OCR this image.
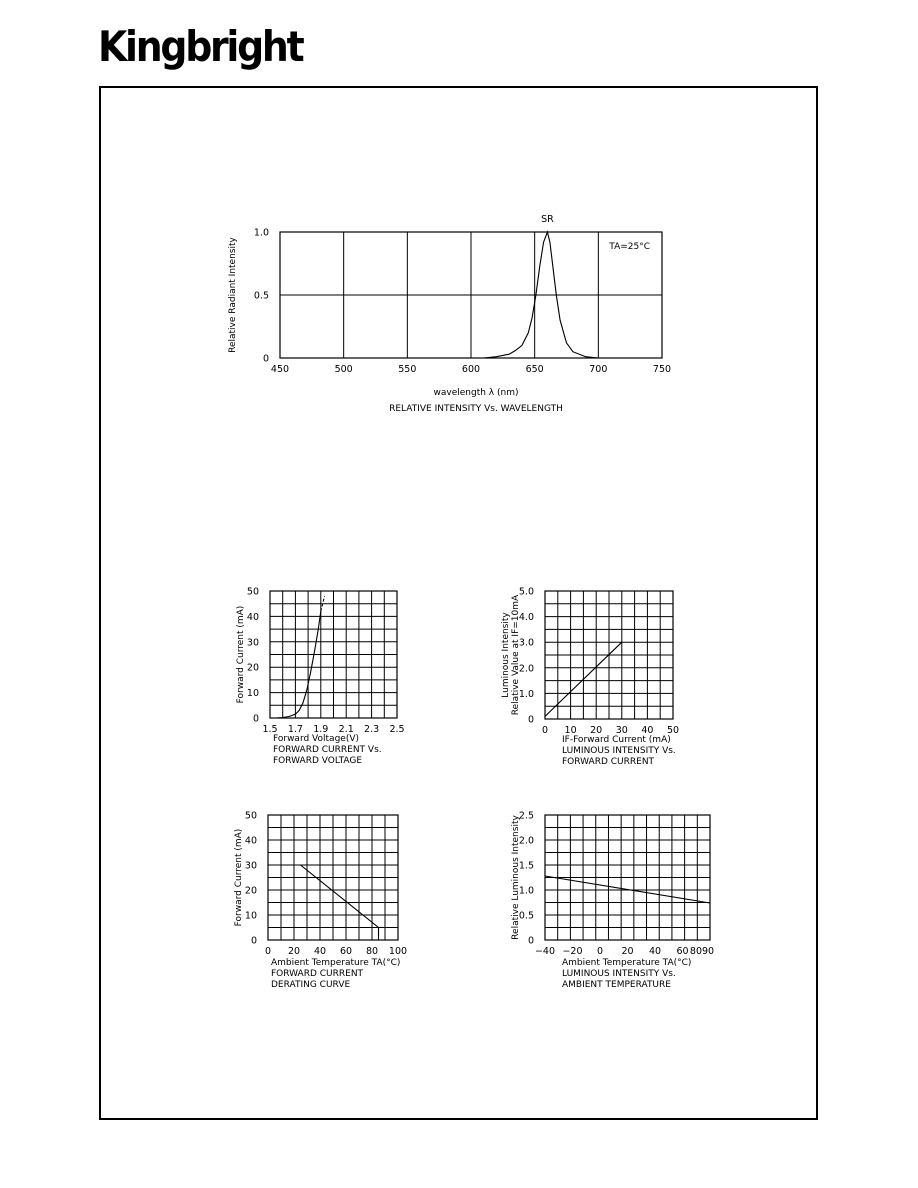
Kingbright
450	500	550	600	650	700	750
0
0.5
1.0
SR
TA=25°C
wavelength λ (nm)
RELATIVE INTENSITY Vs. WAVELENGTH
Relative Radiant Intensity
1.5 1.7 1.9 2.1 2.3 2.5
0
10
20
30
40
50
Forward Voltage(V)
FORWARD CURRENT Vs.
FORWARD VOLTAGE
Forward Current (mA)
0 10 20 30 40 50
0
1.0
2.0
3.0
4.0
5.0
IF-Forward Current (mA)
LUMINOUS INTENSITY Vs.
FORWARD CURRENT
Luminous Intensity Relative Value at IF=10mA
0 20 40 60 80 100
0
10
20
30
40
50
Ambient Temperature TA(°C)
FORWARD CURRENT
DERATING CURVE
Forward Current (mA)
−40 −20 0 20 40 60 8090
0
0.5
1.0
1.5
2.0
2.5
Ambient Temperature TA(°C)
LUMINOUS INTENSITY Vs.
AMBIENT TEMPERATURE
Relative Luminous Intensity
